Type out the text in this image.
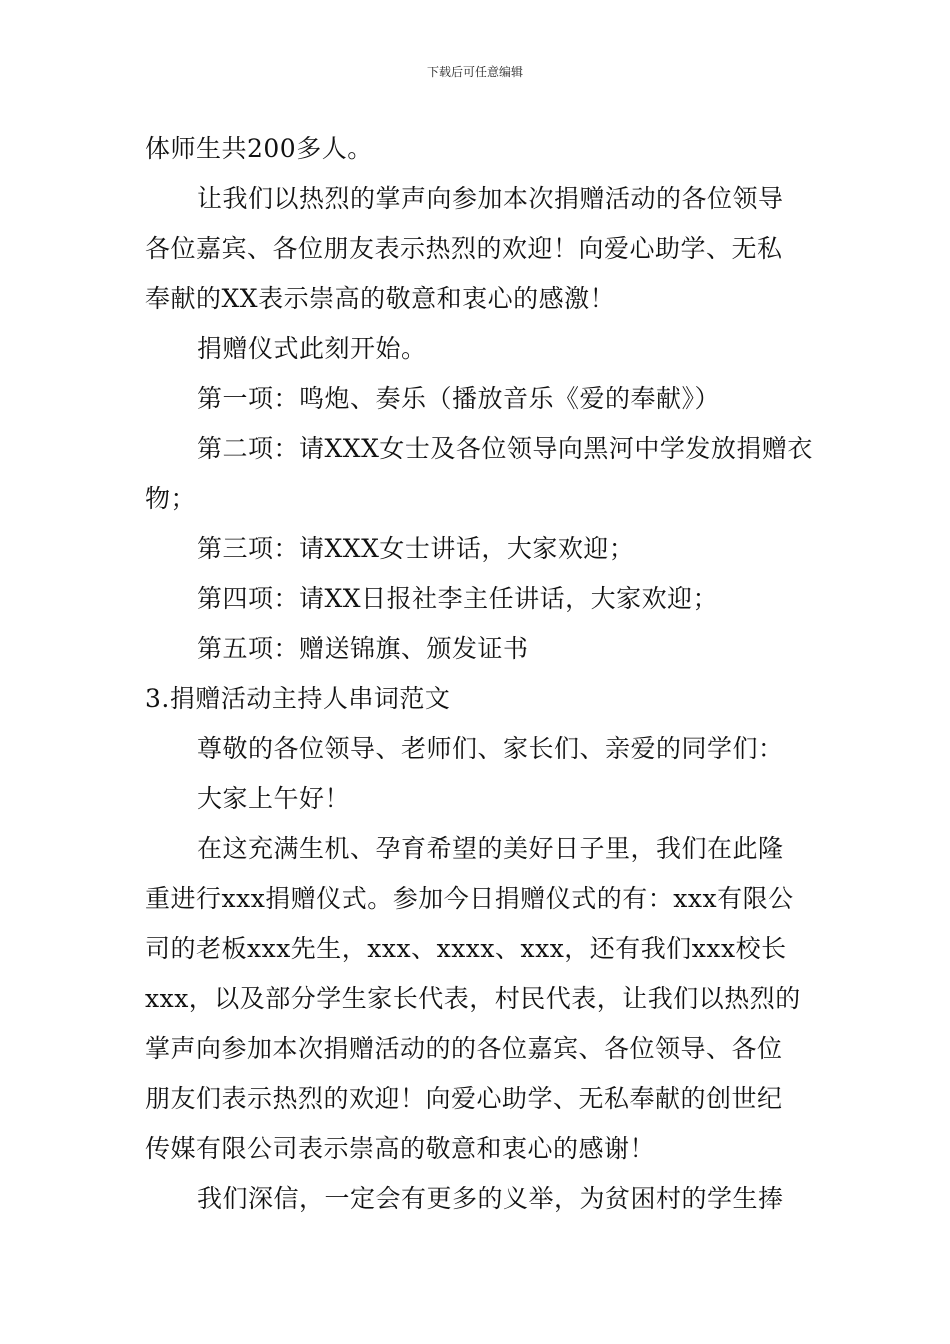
下载后可任意编辑
体师生共200多人。
让我们以热烈的掌声向参加本次捐赠活动的各位领导
各位嘉宾、各位朋友表示热烈的欢迎！向爱心助学、无私
奉献的XX表示崇高的敬意和衷心的感激！
捐赠仪式此刻开始。
第一项：鸣炮、奏乐（播放音乐《爱的奉献》）
第二项：请XXX女士及各位领导向黑河中学发放捐赠衣
物；
第三项：请XXX女士讲话，大家欢迎；
第四项：请XX日报社李主任讲话，大家欢迎；
第五项：赠送锦旗、颁发证书
3.捐赠活动主持人串词范文
尊敬的各位领导、老师们、家长们、亲爱的同学们：
大家上午好！
在这充满生机、孕育希望的美好日子里，我们在此隆
重进行xxx捐赠仪式。参加今日捐赠仪式的有：xxx有限公
司的老板xxx先生，xxx、xxxx、xxx，还有我们xxx校长
xxx，以及部分学生家长代表，村民代表，让我们以热烈的
掌声向参加本次捐赠活动的的各位嘉宾、各位领导、各位
朋友们表示热烈的欢迎！向爱心助学、无私奉献的创世纪
传媒有限公司表示崇高的敬意和衷心的感谢！
我们深信，一定会有更多的义举，为贫困村的学生捧
